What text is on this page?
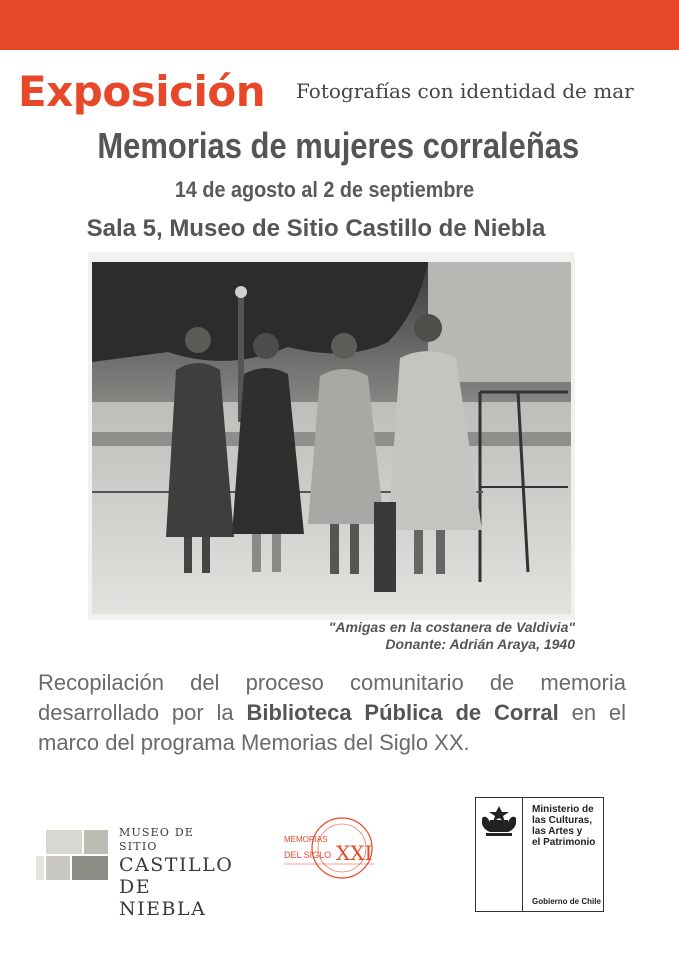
Exposición Fotografías con identidad de mar
Memorias de mujeres corraleñas
14 de agosto al 2 de septiembre
Sala 5, Museo de Sitio Castillo de Niebla
"Amigas en la costanera de Valdivia"
Donante: Adrián Araya, 1940
Recopilación del proceso comunitario de memoria desarrollado por la Biblioteca Pública de Corral en el marco del programa Memorias del Siglo XX.
MUSEO DE SITIO
CASTILLO
DE NIEBLA
MEMORIAS
DEL SIGLO XXI
Ministerio de
las Culturas,
las Artes y
el Patrimonio
Gobierno de Chile
